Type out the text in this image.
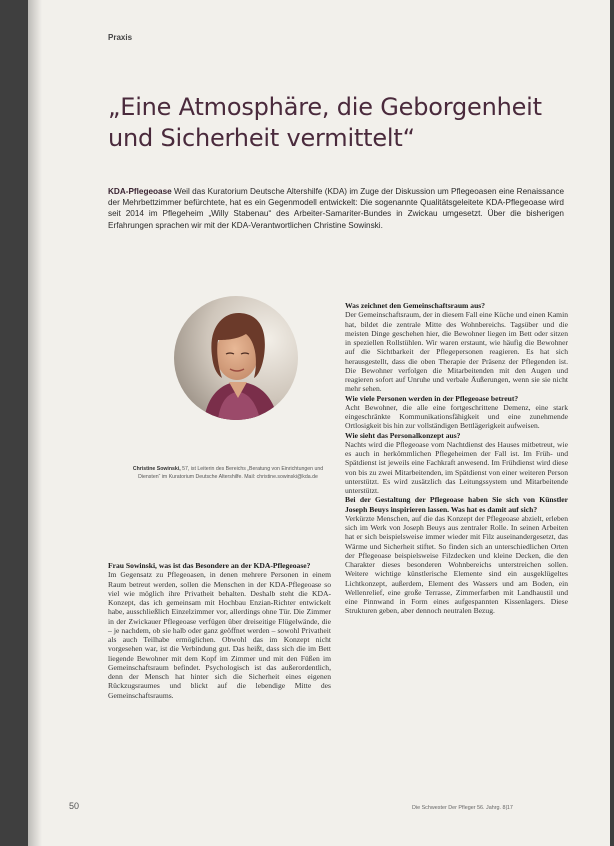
Praxis
„Eine Atmosphäre, die Geborgenheit und Sicherheit vermittelt“

KDA-Pflegeoase Weil das Kuratorium Deutsche Altershilfe (KDA) im Zuge der Diskussion um Pflegeoasen eine Renaissance der Mehrbettzimmer befürchtete, hat es ein Gegenmodell entwickelt: Die sogenannte Qualitätsgeleitete KDA-Pflegeoase wird seit 2014 im Pflegeheim „Willy Stabenau“ des Arbeiter-Samariter-Bundes in Zwickau umgesetzt. Über die bisherigen Erfahrungen sprachen wir mit der KDA-Verantwortlichen Christine Sowinski.

Christine Sowinski, 57, ist Leiterin des Bereichs „Beratung von Einrichtungen und Diensten“ im Kuratorium Deutsche Altershilfe. Mail: christine.sowinski@kda.de

Frau Sowinski, was ist das Besondere an der KDA-Pflegeoase?

Im Gegensatz zu Pflegeoasen, in denen mehrere Personen in einem Raum betreut werden, sollen die Menschen in der KDA-Pflegeoase so viel wie möglich ihre Privatheit behalten. Deshalb steht die KDA-Konzept, das ich gemeinsam mit Hochbau Enzian-Richter entwickelt habe, ausschließlich Einzelzimmer vor, allerdings ohne Tür. Die Zimmer in der Zwickauer Pflegeoase verfügen über dreiseitige Flügelwände, die – je nachdem, ob sie halb oder ganz geöffnet werden – sowohl Privatheit als auch Teilhabe ermöglichen. Obwohl das im Konzept nicht vorgesehen war, ist die Verbindung gut. Das heißt, dass sich die im Bett liegende Bewohner mit dem Kopf im Zimmer und mit den Füßen im Gemeinschaftsraum befindet. Psychologisch ist das außerordentlich, denn der Mensch hat hinter sich die Sicherheit eines eigenen Rückzugsraumes und blickt auf die lebendige Mitte des Gemeinschaftsraums.

Was zeichnet den Gemeinschaftsraum aus?

Der Gemeinschaftsraum, der in diesem Fall eine Küche und einen Kamin hat, bildet die zentrale Mitte des Wohnbereichs. Tagsüber und die meisten Dinge geschehen hier, die Bewohner liegen im Bett oder sitzen in speziellen Rollstühlen. Wir waren erstaunt, wie häufig die Bewohner auf die Sichtbarkeit der Pflegepersonen reagieren. Es hat sich herausgestellt, dass die oben Therapie der Präsenz der Pflegenden ist. Die Bewohner verfolgen die Mitarbeitenden mit den Augen und reagieren sofort auf Unruhe und verbale Äußerungen, wenn sie sie nicht mehr sehen.

Wie viele Personen werden in der Pflegeoase betreut?

Acht Bewohner, die alle eine fortgeschrittene Demenz, eine stark eingeschränkte Kommunikationsfähigkeit und eine zunehmende Ortlosigkeit bis hin zur vollständigen Bettlägerigkeit aufweisen.

Wie sieht das Personalkonzept aus?

Nachts wird die Pflegeoase vom Nachtdienst des Hauses mitbetreut, wie es auch in herkömmlichen Pflegeheimen der Fall ist. Im Früh- und Spätdienst ist jeweils eine Fachkraft anwesend. Im Frühdienst wird diese von bis zu zwei Mitarbeitenden, im Spätdienst von einer weiteren Person unterstützt. Es wird zusätzlich das Leitungssystem und Mitarbeitende unterstützt.

Bei der Gestaltung der Pflegeoase haben Sie sich von Künstler Joseph Beuys inspirieren lassen. Was hat es damit auf sich?

Verkürzte Menschen, auf die das Konzept der Pflegeoase abzielt, erleben sich im Werk von Joseph Beuys aus zentraler Rolle. In seinen Arbeiten hat er sich beispielsweise immer wieder mit Filz auseinandergesetzt, das Wärme und Sicherheit stiftet. So finden sich an unterschiedlichen Orten der Pflegeoase beispielsweise Filzdecken und kleine Decken, die den Charakter dieses besonderen Wohnbereichs unterstreichen sollen. Weitere wichtige künstlerische Elemente sind ein ausgeklügeltes Lichtkonzept, außerdem, Element des Wassers und am Boden, ein Wellenrelief, eine große Terrasse, Zimmerfarben mit Landhaustil und eine Pinnwand in Form eines aufgespannten Kissenlagers. Diese Strukturen geben, aber dennoch neutralen Bezug.

50	Die Schwester Der Pfleger 56. Jahrg. 8|17
